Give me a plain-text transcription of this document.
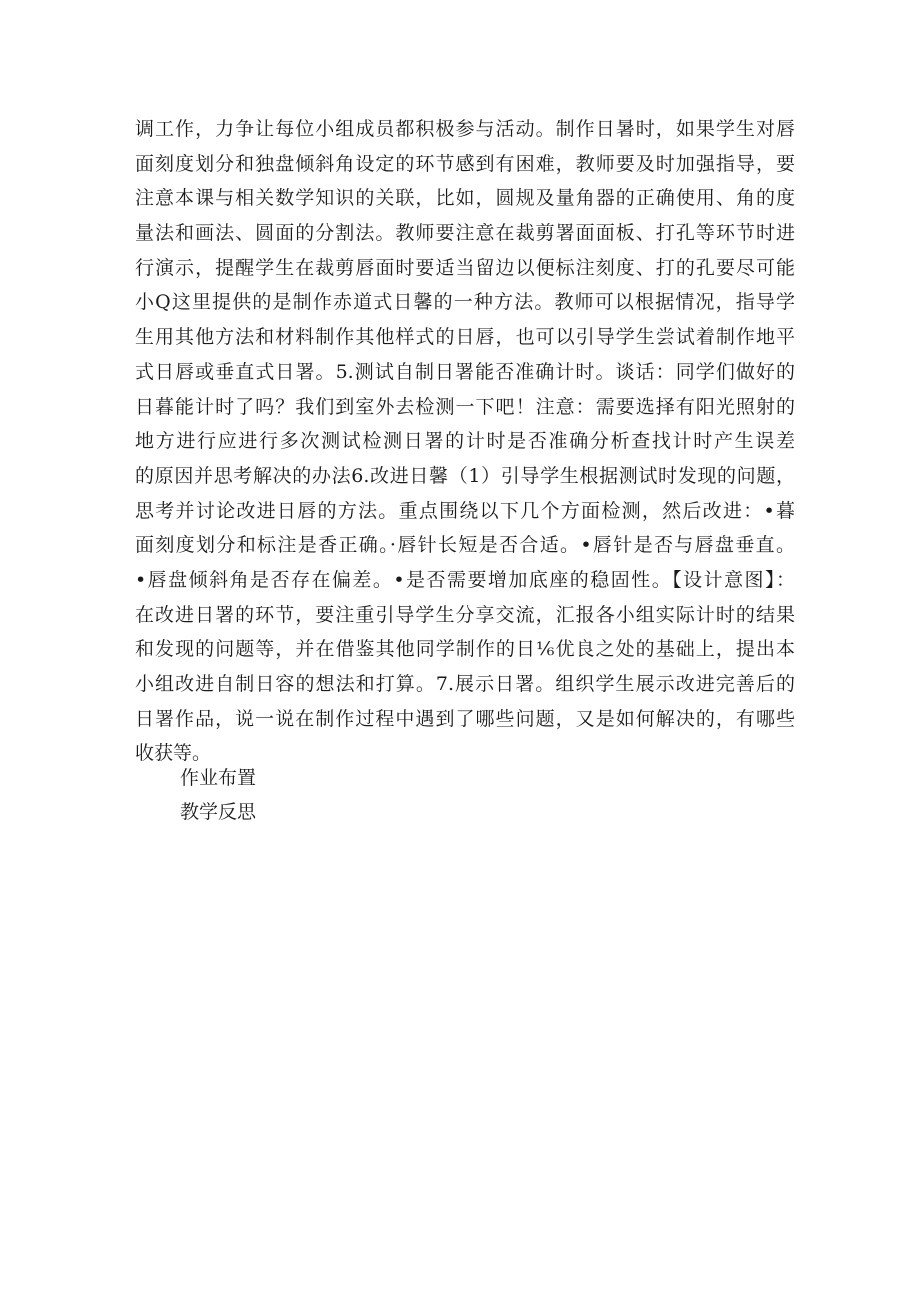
调工作，力争让每位小组成员都积极参与活动。制作日暑时，如果学生对唇
面刻度划分和独盘倾斜角设定的环节感到有困难，教师要及时加强指导，要
注意本课与相关数学知识的关联，比如，圆规及量角器的正确使用、角的度
量法和画法、圆面的分割法。教师要注意在裁剪署面面板、打孔等环节时进
行演示，提醒学生在裁剪唇面时要适当留边以便标注刻度、打的孔要尽可能
小Q这里提供的是制作赤道式日馨的一种方法。教师可以根据情况，指导学
生用其他方法和材料制作其他样式的日唇，也可以引导学生尝试着制作地平
式日唇或垂直式日署。5.测试自制日署能否准确计时。谈话：同学们做好的
日暮能计时了吗？我们到室外去检测一下吧！注意：需要选择有阳光照射的
地方进行应进行多次测试检测日署的计时是否准确分析查找计时产生误差
的原因并思考解决的办法6.改进日馨（1）引导学生根据测试时发现的问题，
思考并讨论改进日唇的方法。重点围绕以下几个方面检测，然后改进：•暮
面刻度划分和标注是香正确。·唇针长短是否合适。•唇针是否与唇盘垂直。
•唇盘倾斜角是否存在偏差。•是否需要增加底座的稳固性。【设计意图】：
在改进日署的环节，要注重引导学生分享交流，汇报各小组实际计时的结果
和发现的问题等，并在借鉴其他同学制作的日⅙优良之处的基础上，提出本
小组改进自制日容的想法和打算。7.展示日署。组织学生展示改进完善后的
日署作品，说一说在制作过程中遇到了哪些问题，又是如何解决的，有哪些
收获等。
作业布置
教学反思
